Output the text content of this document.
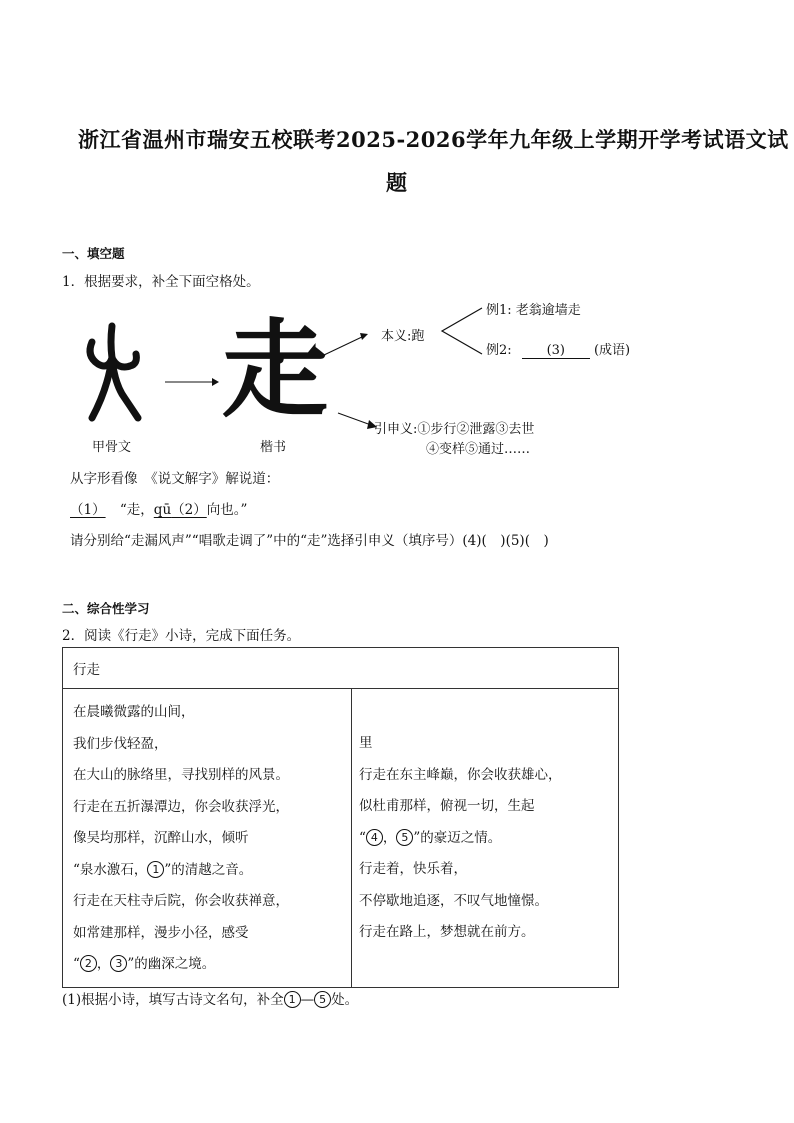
浙江省温州市瑞安五校联考2025-2026学年九年级上学期开学考试语文试
题
一、填空题
1．根据要求，补全下面空格处。
甲骨文
走
楷书
本义:跑
例1: 老翁逾墙走
例2:	(3) (成语)
引申义:①步行②泄露③去世
④变样⑤通过……
从字形看像　《说文解字》解说道：
（1） “走，qū（2）向也。”
请分别给“走漏风声”“唱歌走调了”中的“走”选择引申义（填序号）(4)(　)(5)(　)
二、综合性学习
2．阅读《行走》小诗，完成下面任务。
行走

在晨曦微露的山间，
我们步伐轻盈，
在大山的脉络里，寻找别样的风景。
行走在五折瀑潭边，你会收获浮光，
像吴均那样，沉醉山水，倾听
“泉水激石， 1 ”的清越之音。
行走在天柱寺后院，你会收获禅意，
如常建那样，漫步小径，感受
“ 2 ， 3 ”的幽深之境。

里
行走在东主峰巅，你会收获雄心，
似杜甫那样，俯视一切，生起
“ 4 ， 5 ”的豪迈之情。
行走着，快乐着，
不停歇地追逐，不叹气地憧憬。
行走在路上，梦想就在前方。
(1)根据小诗，填写古诗文名句，补全 1 — 5 处。
